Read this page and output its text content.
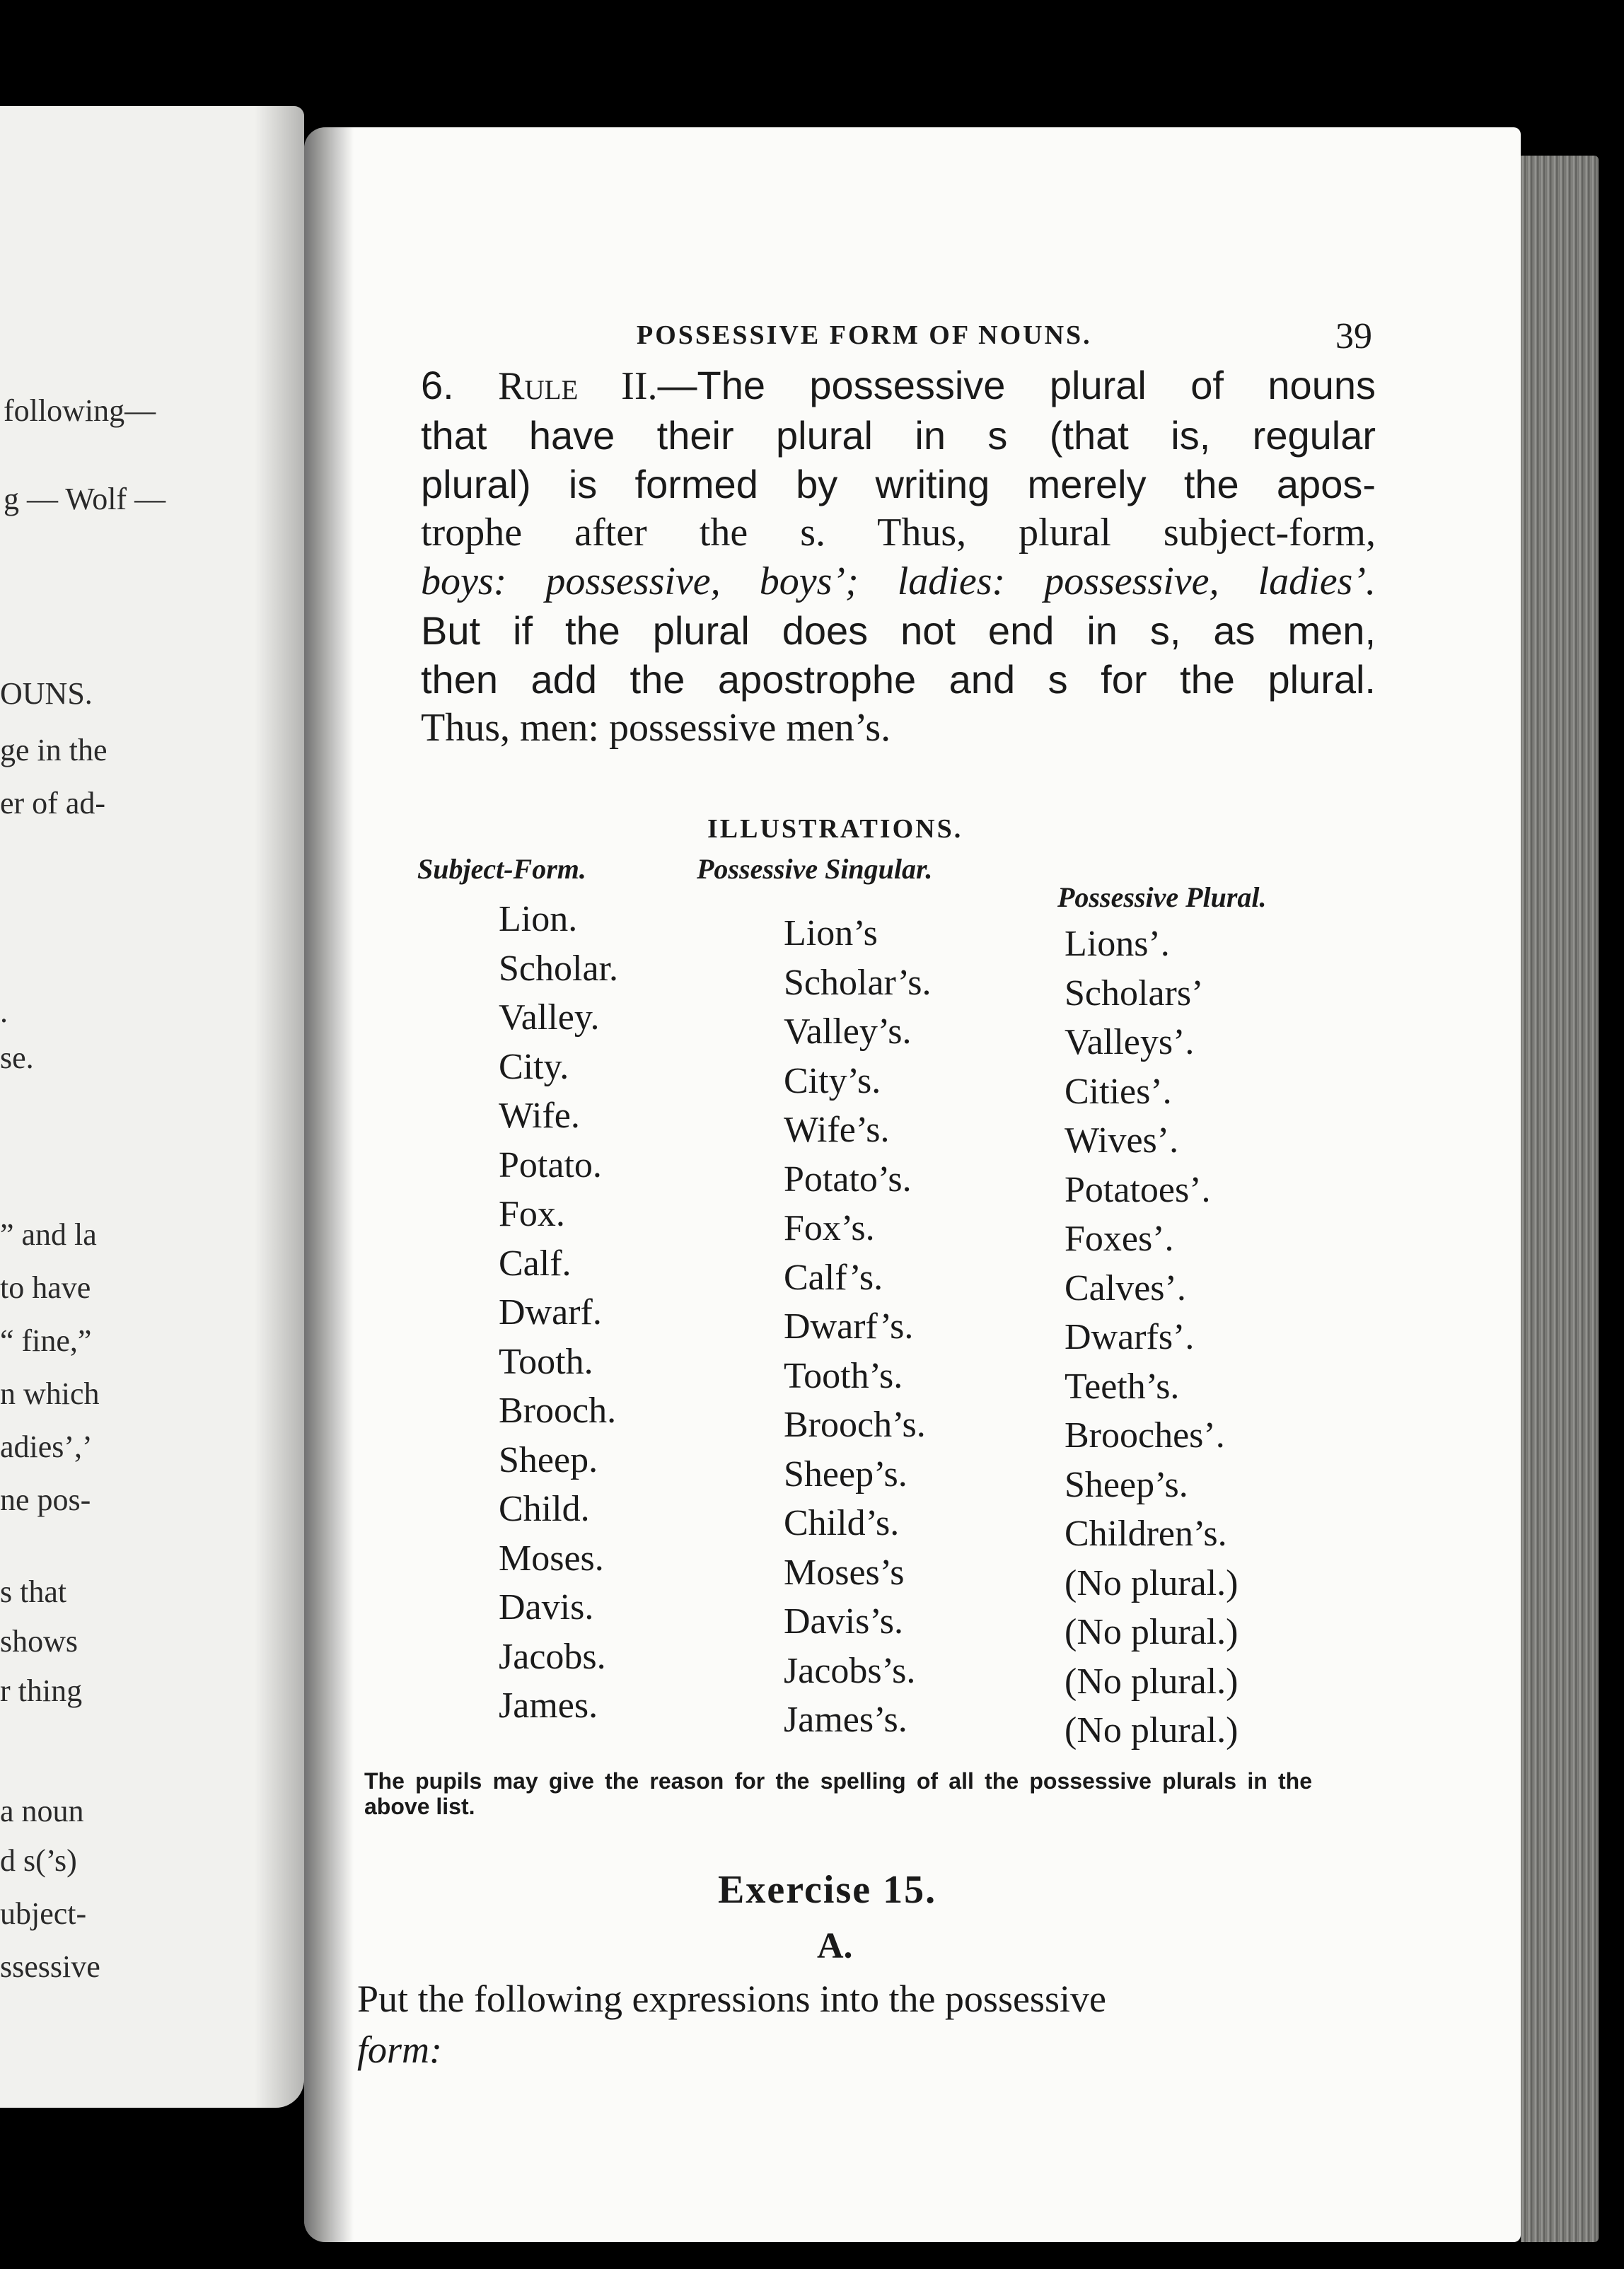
following—
g — Wolf —
OUNS.
ge in the
er of ad-
.
se.
” and la
to have
“ fine,”
n which
adies’,’
ne pos-
s that
shows
r thing
a noun
d s(’s)
ubject-
ssessive
POSSESSIVE FORM OF NOUNS.	39
6. Rule II.—The possessive plural of nouns
that have their plural in s (that is, regular
plural) is formed by writing merely the apos-
trophe after the s. Thus, plural subject-form,
boys: possessive, boys’; ladies: possessive, ladies’.
But if the plural does not end in s, as men,
then add the apostrophe and s for the plural.
Thus, men: possessive men’s.
ILLUSTRATIONS.
Subject-Form.	Possessive Singular.
Possessive Plural.
Lion.
Scholar.
Valley.
City.
Wife.
Potato.
Fox.
Calf.
Dwarf.
Tooth.
Brooch.
Sheep.
Child.
Moses.
Davis.
Jacobs.
James.
Lion’s
Scholar’s.
Valley’s.
City’s.
Wife’s.
Potato’s.
Fox’s.
Calf’s.
Dwarf’s.
Tooth’s.
Brooch’s.
Sheep’s.
Child’s.
Moses’s
Davis’s.
Jacobs’s.
James’s.
Lions’.
Scholars’
Valleys’.
Cities’.
Wives’.
Potatoes’.
Foxes’.
Calves’.
Dwarfs’.
Teeth’s.
Brooches’.
Sheep’s.
Children’s.
(No plural.)
(No plural.)
(No plural.)
(No plural.)
The pupils may give the reason for the spelling of all the possessive plurals in the above list.
Exercise 15.
A.
Put the following expressions into the possessive
form:
